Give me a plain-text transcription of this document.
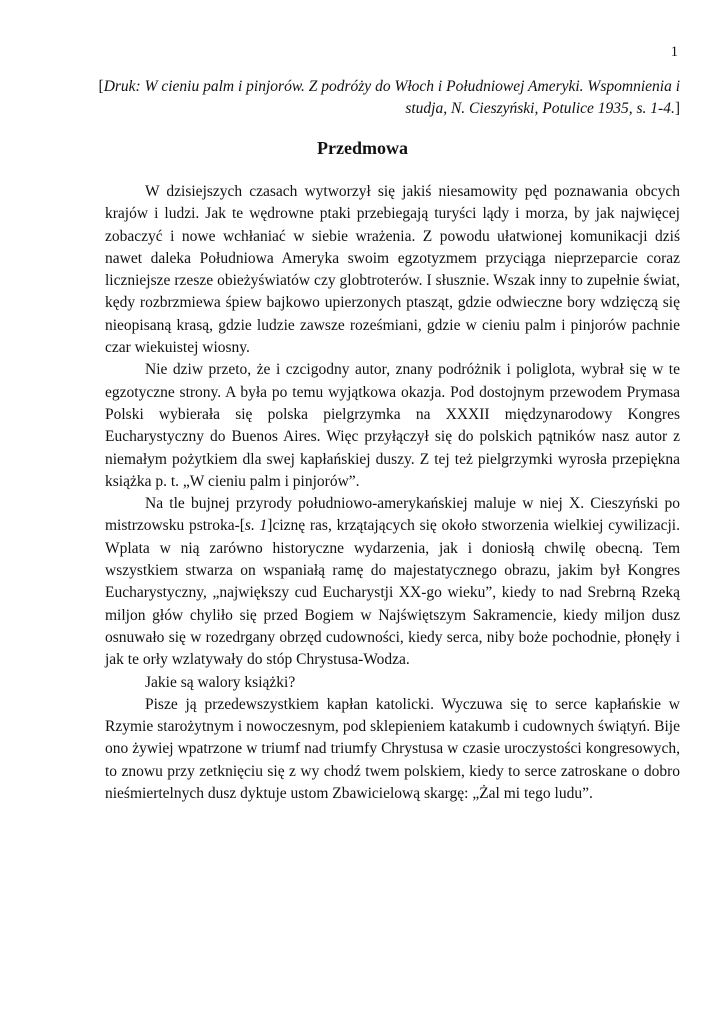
1
[Druk: W cieniu palm i pinjorów. Z podróży do Włoch i Południowej Ameryki. Wspomnienia i studja, N. Cieszyński, Potulice 1935, s. 1-4.]
Przedmowa

W dzisiejszych czasach wytworzył się jakiś niesamowity pęd poznawania obcych krajów i ludzi. Jak te wędrowne ptaki przebiegają turyści lądy i morza, by jak najwięcej zobaczyć i nowe wchłaniać w siebie wrażenia. Z powodu ułatwionej komunikacji dziś nawet daleka Południowa Ameryka swoim egzotyzmem przyciąga nieprzeparcie coraz liczniejsze rzesze obieżyświatów czy globtroterów. I słusznie. Wszak inny to zupełnie świat, kędy rozbrzmiewa śpiew bajkowo upierzonych ptasząt, gdzie odwieczne bory wdzięczą się nieopisaną krasą, gdzie ludzie zawsze roześmiani, gdzie w cieniu palm i pinjorów pachnie czar wiekuistej wiosny.

Nie dziw przeto, że i czcigodny autor, znany podróżnik i poliglota, wybrał się w te egzotyczne strony. A była po temu wyjątkowa okazja. Pod dostojnym przewodem Prymasa Polski wybierała się polska pielgrzymka na XXXII międzynarodowy Kongres Eucharystyczny do Buenos Aires. Więc przyłączył się do polskich pątników nasz autor z niemałym pożytkiem dla swej kapłańskiej duszy. Z tej też pielgrzymki wyrosła przepiękna książka p. t. „W cieniu palm i pinjorów”.

Na tle bujnej przyrody południowo-amerykańskiej maluje w niej X. Cieszyński po mistrzowsku pstroka-[s. 1]ciznę ras, krzątających się około stworzenia wielkiej cywilizacji. Wplata w nią zarówno historyczne wydarzenia, jak i doniosłą chwilę obecną. Tem wszystkiem stwarza on wspaniałą ramę do majestatycznego obrazu, jakim był Kongres Eucharystyczny, „największy cud Eucharystji XX-go wieku”, kiedy to nad Srebrną Rzeką miljon głów chyliło się przed Bogiem w Najświętszym Sakramencie, kiedy miljon dusz osnuwało się w rozedrgany obrzęd cudowności, kiedy serca, niby boże pochodnie, płonęły i jak te orły wzlatywały do stóp Chrystusa-Wodza.

Jakie są walory książki?

Pisze ją przedewszystkiem kapłan katolicki. Wyczuwa się to serce kapłańskie w Rzymie starożytnym i nowoczesnym, pod sklepieniem katakumb i cudownych świątyń. Bije ono żywiej wpatrzone w triumf nad triumfy Chrystusa w czasie uroczystości kongresowych, to znowu przy zetknięciu się z wy chodź twem polskiem, kiedy to serce zatroskane o dobro nieśmiertelnych dusz dyktuje ustom Zbawicielową skargę: „Żal mi tego ludu”.
